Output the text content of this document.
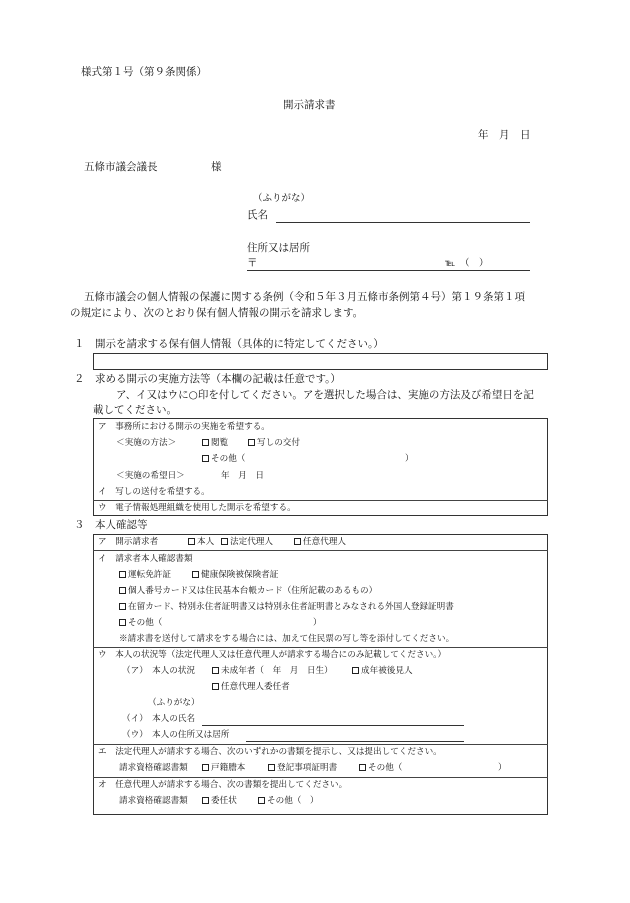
様式第１号（第９条関係）
開示請求書
年　月　日
五條市議会議長	様
（ふりがな）
氏名
住所又は居所
〒	℡　（　）
五條市議会の個人情報の保護に関する条例（令和５年３月五條市条例第４号）第１９条第１項
の規定により、次のとおり保有個人情報の開示を請求します。
１　開示を請求する保有個人情報（具体的に特定してください。）
２　求める開示の実施方法等（本欄の記載は任意です。）
ア、イ又はウに○印を付してください。アを選択した場合は、実施の方法及び希望日を記
載してください。
ア　事務所における開示の実施を希望する。
＜実施の方法＞	閲覧	写しの交付
その他（	）
＜実施の希望日＞	年　月　日
イ　写しの送付を希望する。
ウ　電子情報処理組織を使用した開示を希望する。
３　本人確認等
ア　開示請求者	本人	法定代理人	任意代理人
イ　請求者本人確認書類
運転免許証	健康保険被保険者証
個人番号カード又は住民基本台帳カード（住所記載のあるもの）
在留カード、特別永住者証明書又は特別永住者証明書とみなされる外国人登録証明書
その他（	）
※請求書を送付して請求をする場合には、加えて住民票の写し等を添付してください。
ウ　本人の状況等（法定代理人又は任意代理人が請求する場合にのみ記載してください。）
（ア）　本人の状況	未成年者（　年　月　日生）	成年被後見人
任意代理人委任者
（ふりがな）
（イ）　本人の氏名
（ウ）　本人の住所又は居所
エ　法定代理人が請求する場合、次のいずれかの書類を提示し、又は提出してください。
請求資格確認書類	戸籍謄本	登記事項証明書	その他（	）
オ　任意代理人が請求する場合、次の書類を提出してください。
請求資格確認書類	委任状	その他（　）
